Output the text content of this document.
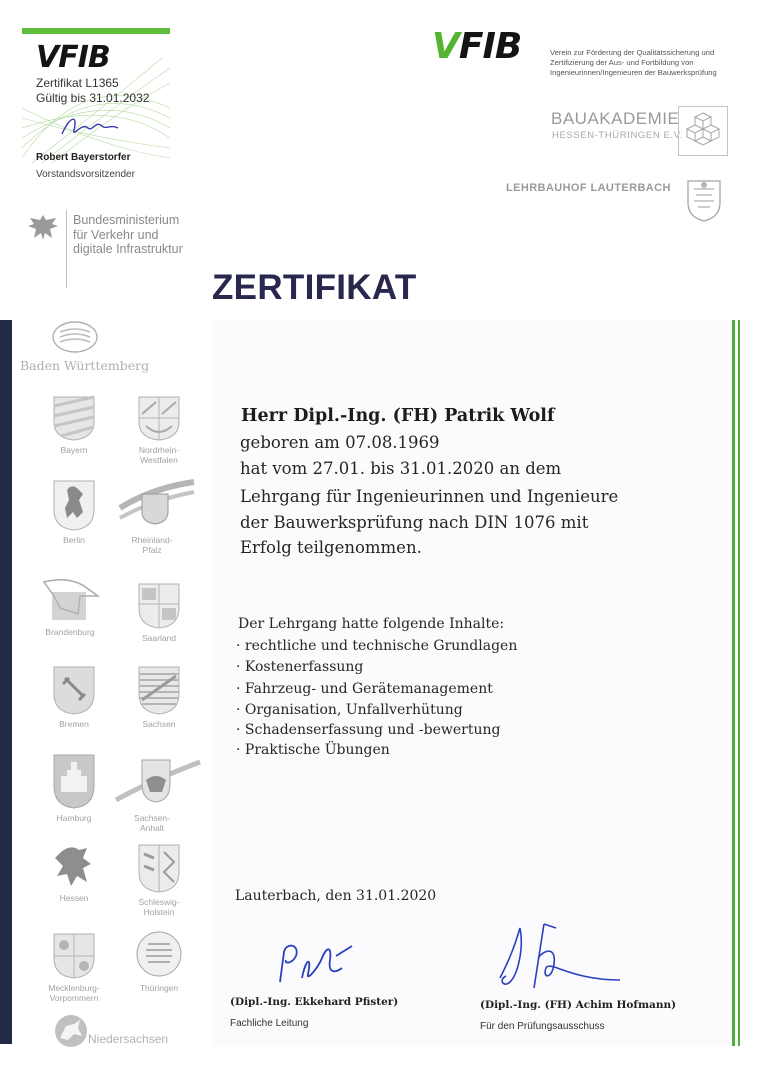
VFIB
Zertifikat L1365
Gültig bis 31.01.2032
Robert Bayerstorfer
Vorstandsvorsitzender
Bundesministerium
für Verkehr und
digitale Infrastruktur
VFIB	Verein zur Förderung der Qualitätssicherung und Zertifizierung der Aus- und Fortbildung von Ingenieurinnen/Ingenieuren der Bauwerksprüfung
BAUAKADEMIE
HESSEN-THÜRINGEN E.V.
LEHRBAUHOF LAUTERBACH
ZERTIFIKAT
Baden Württemberg
Bayern	Nordrhein-
Westfalen
Berlin	Rheinland-
Pfalz
Brandenburg
Saarland
Bremen	Sachsen
Hamburg	Sachsen-
Anhalt
Hessen	Schleswig-
Holstein
Mecklenburg-
Vorpommern
Thüringen
Niedersachsen
Herr Dipl.-Ing. (FH) Patrik Wolf
geboren am 07.08.1969
hat vom 27.01. bis 31.01.2020 an dem
Lehrgang für Ingenieurinnen und Ingenieure
der Bauwerksprüfung nach DIN 1076 mit
Erfolg teilgenommen.
Der Lehrgang hatte folgende Inhalte:
· rechtliche und technische Grundlagen
· Kostenerfassung
· Fahrzeug- und Gerätemanagement
· Organisation, Unfallverhütung
· Schadenserfassung und -bewertung
· Praktische Übungen
Lauterbach, den 31.01.2020
(Dipl.-Ing. Ekkehard Pfister)
Fachliche Leitung
(Dipl.-Ing. (FH) Achim Hofmann)
Für den Prüfungsausschuss
